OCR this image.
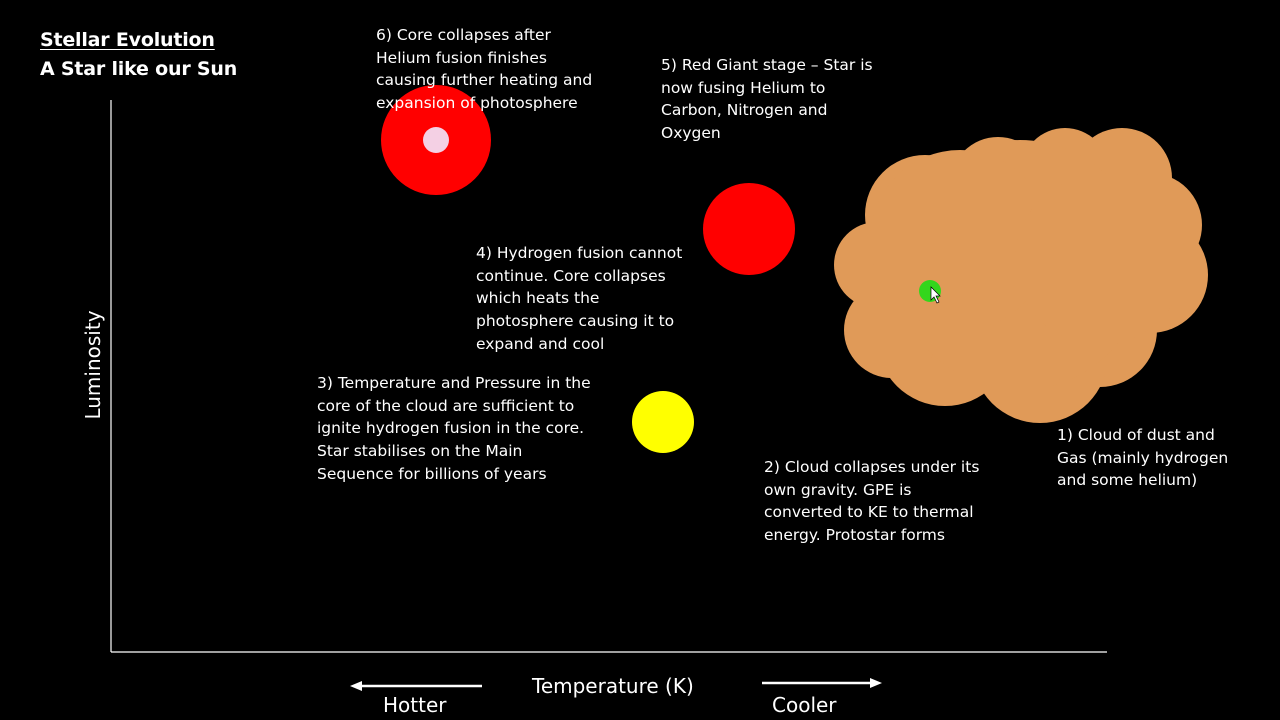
Stellar Evolution
A Star like our Sun
Luminosity
Temperature (K)
Hotter	Cooler
1) Cloud of dust and
Gas (mainly hydrogen
and some helium)
2) Cloud collapses under its
own gravity. GPE is
converted to KE to thermal
energy. Protostar forms
3) Temperature and Pressure in the
core of the cloud are sufficient to
ignite hydrogen fusion in the core.
Star stabilises on the Main
Sequence for billions of years
4) Hydrogen fusion cannot
continue. Core collapses
which heats the
photosphere causing it to
expand and cool
5) Red Giant stage – Star is
now fusing Helium to
Carbon, Nitrogen and
Oxygen
6) Core collapses after
Helium fusion finishes
causing further heating and
expansion of photosphere
